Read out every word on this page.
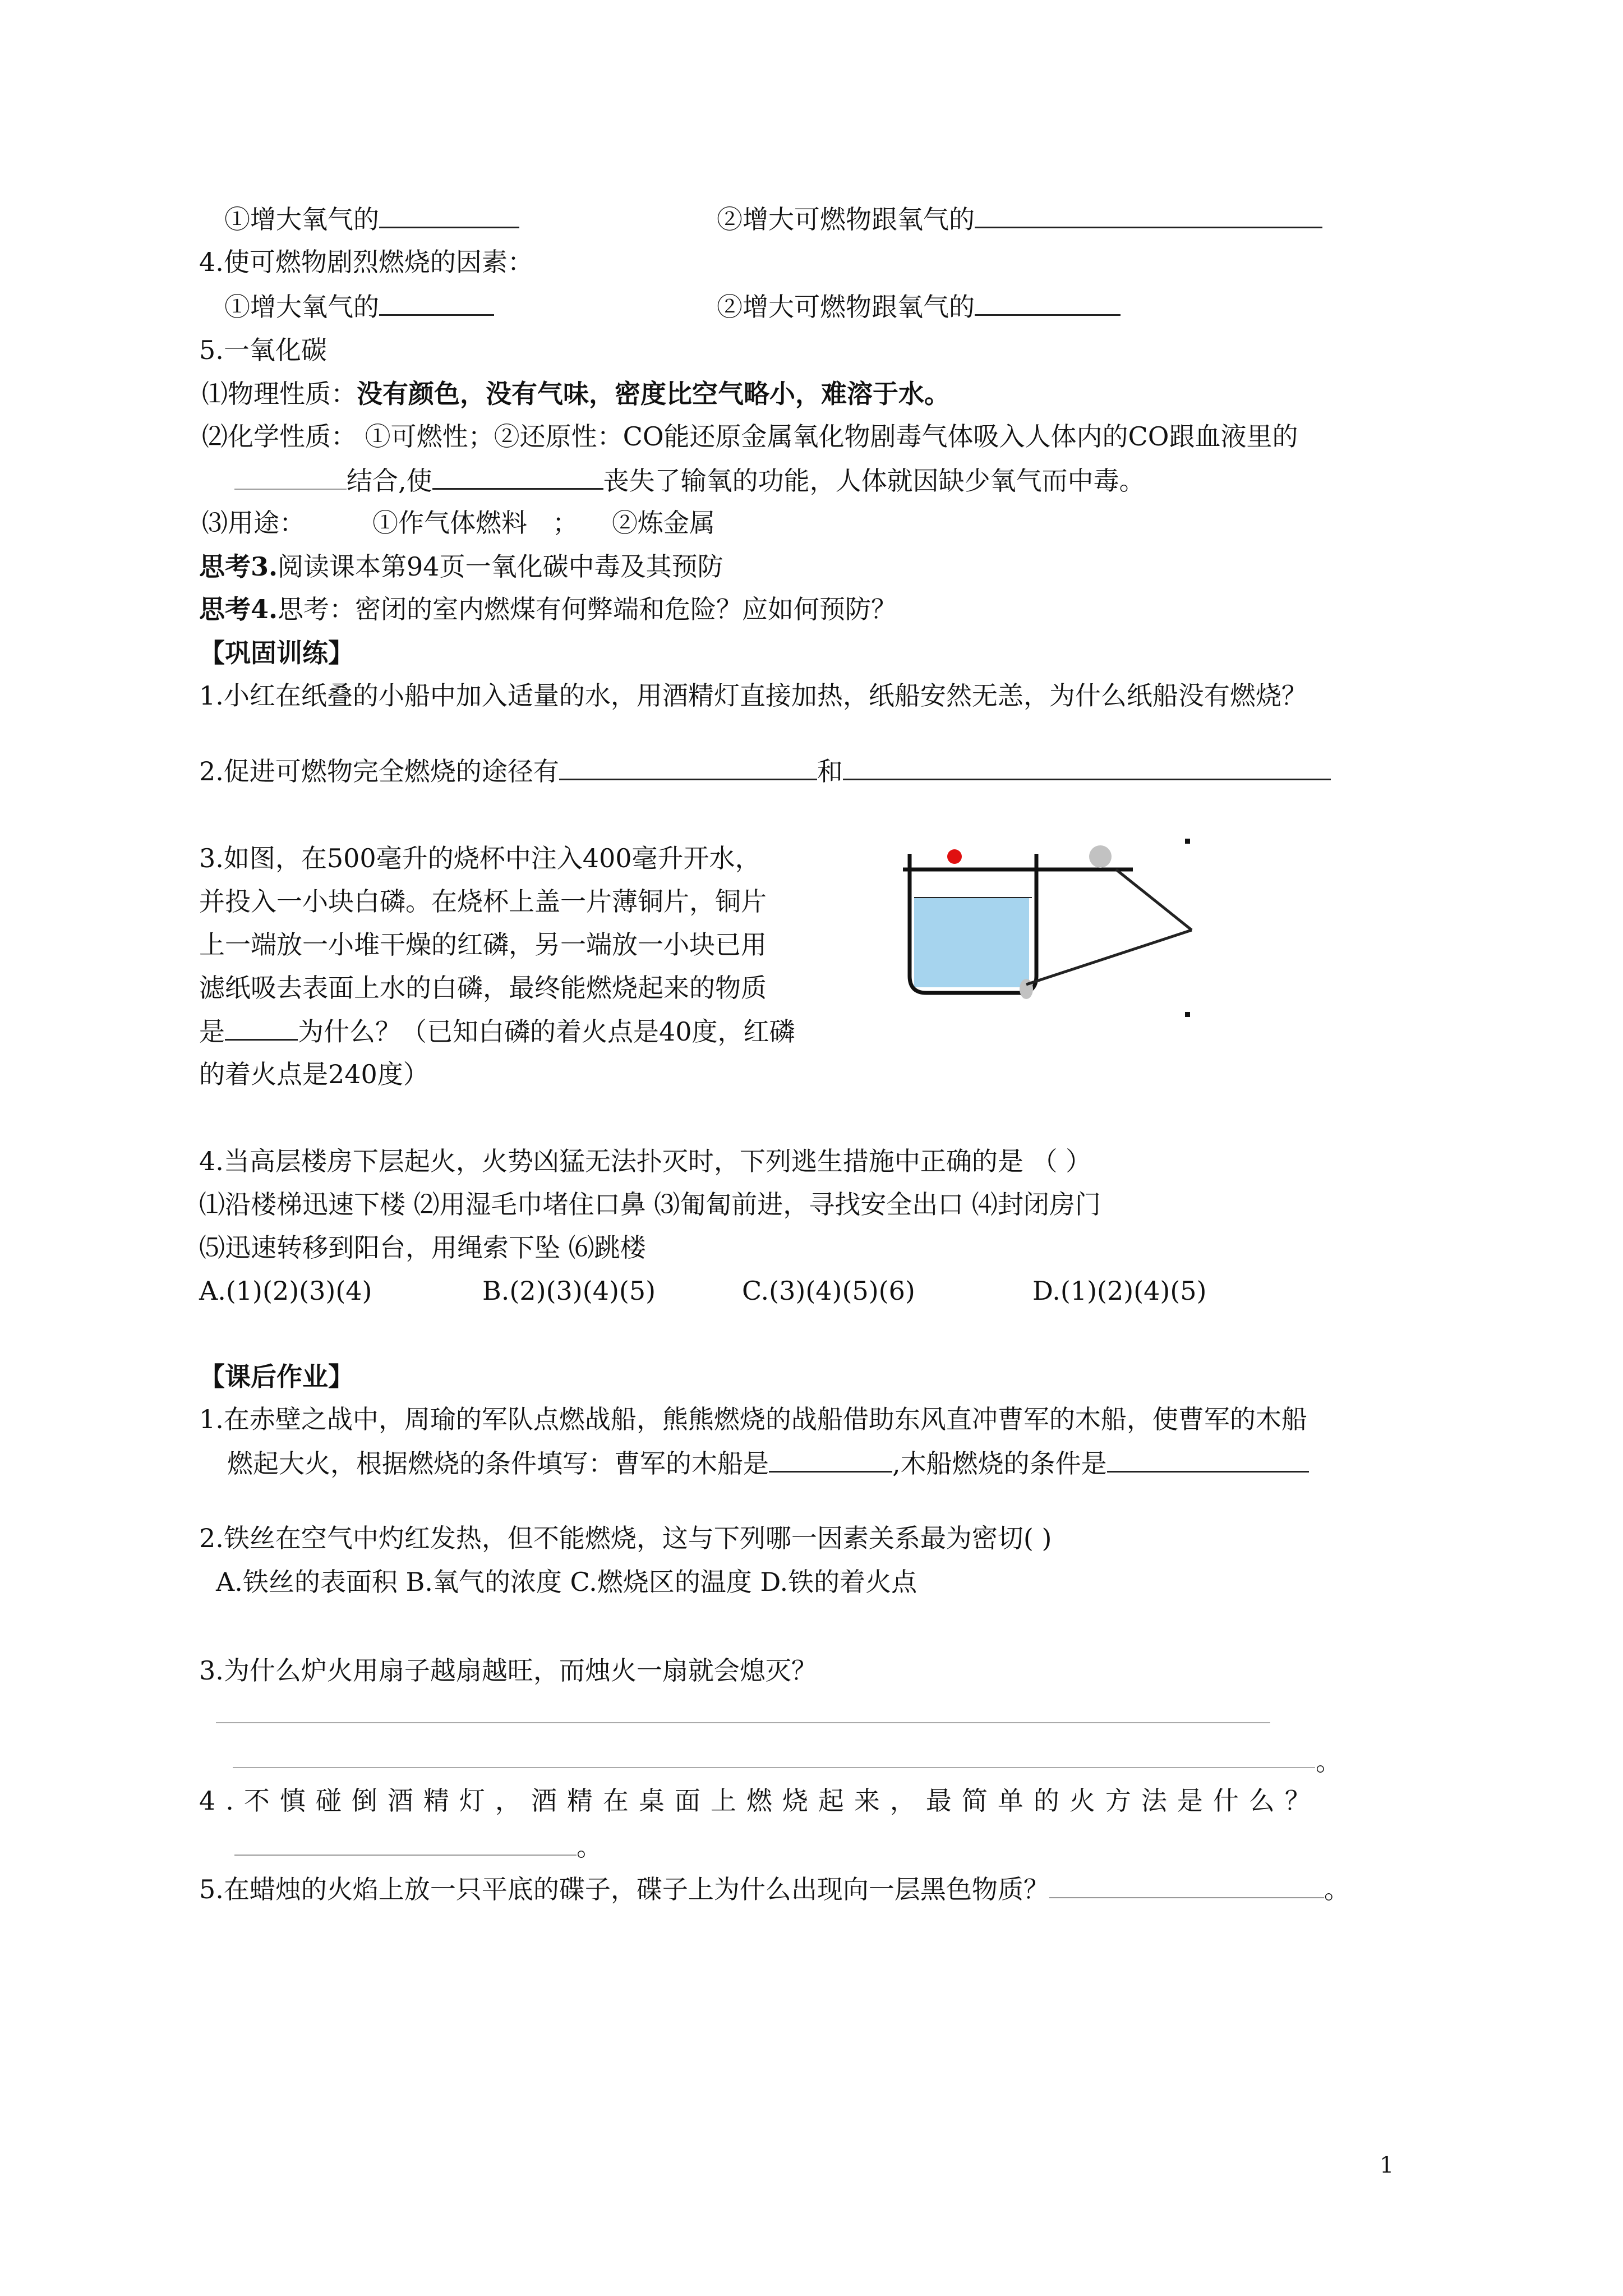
①增大氧气的	②增大可燃物跟氧气的
4.使可燃物剧烈燃烧的因素：
①增大氧气的	②增大可燃物跟氧气的
5.一氧化碳
⑴物理性质：没有颜色，没有气味，密度比空气略小，难溶于水。
⑵化学性质： ①可燃性；②还原性：CO能还原金属氧化物剧毒气体吸入人体内的CO跟血液里的
结合,使	丧失了输氧的功能，人体就因缺少氧气而中毒。
⑶用途：	①作气体燃料 ； ②炼金属
思考3.阅读课本第94页一氧化碳中毒及其预防
思考4.思考：密闭的室内燃煤有何弊端和危险？应如何预防？
【巩固训练】
1.小红在纸叠的小船中加入适量的水，用酒精灯直接加热，纸船安然无恙，为什么纸船没有燃烧？
2.促进可燃物完全燃烧的途径有	和
3.如图，在500毫升的烧杯中注入400毫升开水，
并投入一小块白磷。在烧杯上盖一片薄铜片，铜片
上一端放一小堆干燥的红磷，另一端放一小块已用
滤纸吸去表面上水的白磷，最终能燃烧起来的物质
是	为什么？（已知白磷的着火点是40度，红磷
的着火点是240度）
4.当高层楼房下层起火，火势凶猛无法扑灭时，下列逃生措施中正确的是 （ ）
⑴沿楼梯迅速下楼 ⑵用湿毛巾堵住口鼻 ⑶匍匐前进，寻找安全出口 ⑷封闭房门
⑸迅速转移到阳台，用绳索下坠 ⑹跳楼
A.(1)(2)(3)(4)	B.(2)(3)(4)(5)	C.(3)(4)(5)(6)	D.(1)(2)(4)(5)
【课后作业】
1.在赤壁之战中，周瑜的军队点燃战船，熊熊燃烧的战船借助东风直冲曹军的木船，使曹军的木船
燃起大火，根据燃烧的条件填写：曹军的木船是	,木船燃烧的条件是
2.铁丝在空气中灼红发热，但不能燃烧，这与下列哪一因素关系最为密切( )
A.铁丝的表面积 B.氧气的浓度 C.燃烧区的温度 D.铁的着火点
3.为什么炉火用扇子越扇越旺，而烛火一扇就会熄灭？
。
4.不慎碰倒酒精灯，酒精在桌面上燃烧起来，最简单的火方法是什么？
。
5.在蜡烛的火焰上放一只平底的碟子，碟子上为什么出现向一层黑色物质？	。
1
